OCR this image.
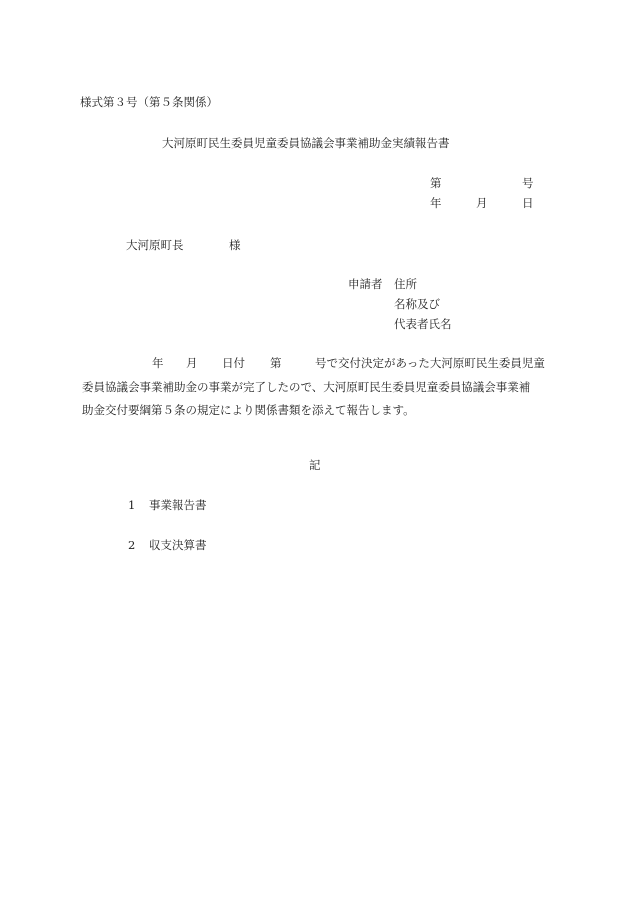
様式第３号（第５条関係）
大河原町民生委員児童委員協議会事業補助金実績報告書
第	号
年	月	日
大河原町長	様
申請者 住所
名称及び
代表者氏名
年 月 日付 第	号で交付決定があった大河原町民生委員児童
委員協議会事業補助金の事業が完了したので、大河原町民生委員児童委員協議会事業補
助金交付要綱第５条の規定により関係書類を添えて報告します。
記
1 事業報告書
2 収支決算書
